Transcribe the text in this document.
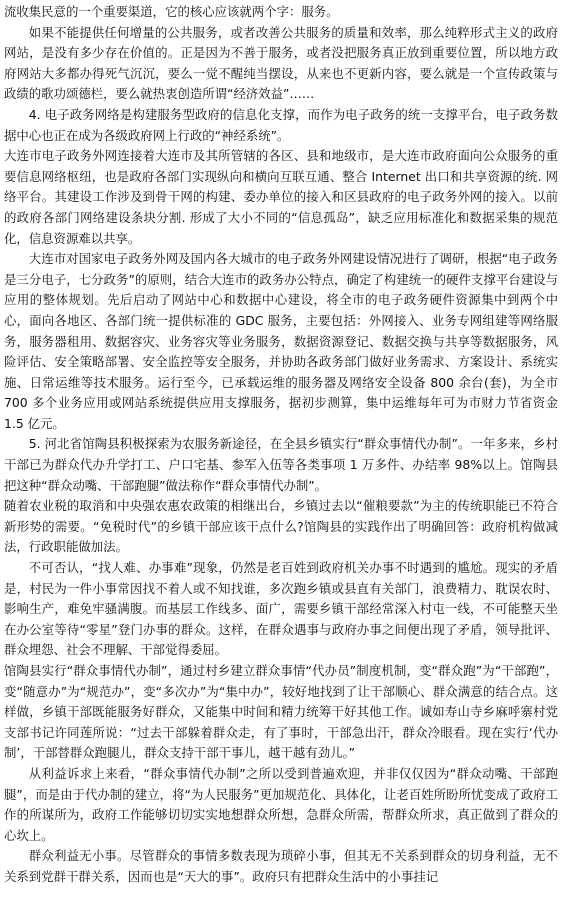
流收集民意的一个重要渠道，它的核心应该就两个字：服务。

如果不能提供任何增量的公共服务，或者改善公共服务的质量和效率，那么纯粹形式主义的政府网站，是没有多少存在价值的。正是因为不善于服务，或者没把服务真正放到重要位置，所以地方政府网站大多都办得死气沉沉，要么一觉不醒纯当摆设，从来也不更新内容，要么就是一个宣传政策与政绩的歌功颂德栏，要么就热衷创造所谓“经济效益”……

4. 电子政务网络是构建服务型政府的信息化支撑，而作为电子政务的统一支撑平台，电子政务数据中心也正在成为各级政府网上行政的“神经系统”。

大连市电子政务外网连接着大连市及其所管辖的各区、县和地级市，是大连市政府面向公众服务的重要信息网络枢纽，也是政府各部门实现纵向和横向互联互通、整合 Internet 出口和共享资源的统. 网络平台。其建设工作涉及到骨干网的构建、委办单位的接入和区县政府的电子政务外网的接入。以前的政府各部门网络建设条块分割. 形成了大小不同的“信息孤岛”，缺乏应用标准化和数据采集的规范化，信息资源难以共享。

大连市对国家电子政务外网及国内各大城市的电子政务外网建设情况进行了调研，根据“电子政务是三分电子，七分政务”的原则，结合大连市的政务办公特点，确定了构建统一的硬件支撑平台建设与应用的整体规划。先后启动了网站中心和数据中心建设，将全市的电子政务硬件资源集中到两个中心，面向各地区、各部门统一提供标准的 GDC 服务，主要包括：外网接入、业务专网组建等网络服务，服务器租用、数据容灾、业务容灾等业务服务，数据资源登记、数据交换与共享等数据服务，风险评估、安全策略部署、安全监控等安全服务，并协助各政务部门做好业务需求、方案设计、系统实施、日常运维等技术服务。运行至今，已承载运维的服务器及网络安全设备 800 余台(套)，为全市 700 多个业务应用或网站系统提供应用支撑服务，据初步测算，集中运维每年可为市财力节省资金 1.5 亿元。

5. 河北省馆陶县积极探索为农服务新途径，在全县乡镇实行“群众事情代办制”。一年多来，乡村干部已为群众代办升学打工、户口宅基、参军入伍等各类事项 1 万多件、办结率 98%以上。馆陶县把这种“群众动嘴、干部跑腿”做法称作“群众事情代办制”。

随着农业税的取消和中央强农惠农政策的相继出台，乡镇过去以“催粮要款”为主的传统职能已不符合新形势的需要。“免税时代”的乡镇干部应该干点什么?馆陶县的实践作出了明确回答：政府机构做减法，行政职能做加法。

不可否认，“找人难、办事难”现象，仍然是老百姓到政府机关办事不时遇到的尴尬。现实的矛盾是，村民为一件小事常因找不着人或不知找谁，多次跑乡镇或县直有关部门，浪费精力、耽误农时、影响生产，难免牢骚满腹。而基层工作线多、面广，需要乡镇干部经常深入村屯一线，不可能整天坐在办公室等待“零星”登门办事的群众。这样，在群众遇事与政府办事之间便出现了矛盾，领导批评、群众埋怨、社会不理解、干部觉得委屈。

馆陶县实行“群众事情代办制”，通过村乡建立群众事情“代办员”制度机制，变“群众跑”为“干部跑”，变“随意办”为“规范办”，变“多次办”为“集中办”，较好地找到了让干部顺心、群众满意的结合点。这样做，乡镇干部既能服务好群众，又能集中时间和精力统筹干好其他工作。诚如寿山寺乡麻呼寨村党支部书记许同莲所说：“过去干部躲着群众走，有了事时，干部急出汗，群众冷眼看。现在实行‘代办制’，干部替群众跑腿儿，群众支持干部干事儿，越干越有劲儿。”

从利益诉求上来看，“群众事情代办制”之所以受到普遍欢迎，并非仅仅因为“群众动嘴、干部跑腿”，而是由于代办制的建立，将“为人民服务”更加规范化、具体化，让老百姓所盼所忧变成了政府工作的所谋所为，政府工作能够切切实实地想群众所想，急群众所需，帮群众所求，真正做到了群众的心坎上。

群众利益无小事。尽管群众的事情多数表现为琐碎小事，但其无不关系到群众的切身利益，无不关系到党群干群关系，因而也是“天大的事”。政府只有把群众生活中的小事挂记
